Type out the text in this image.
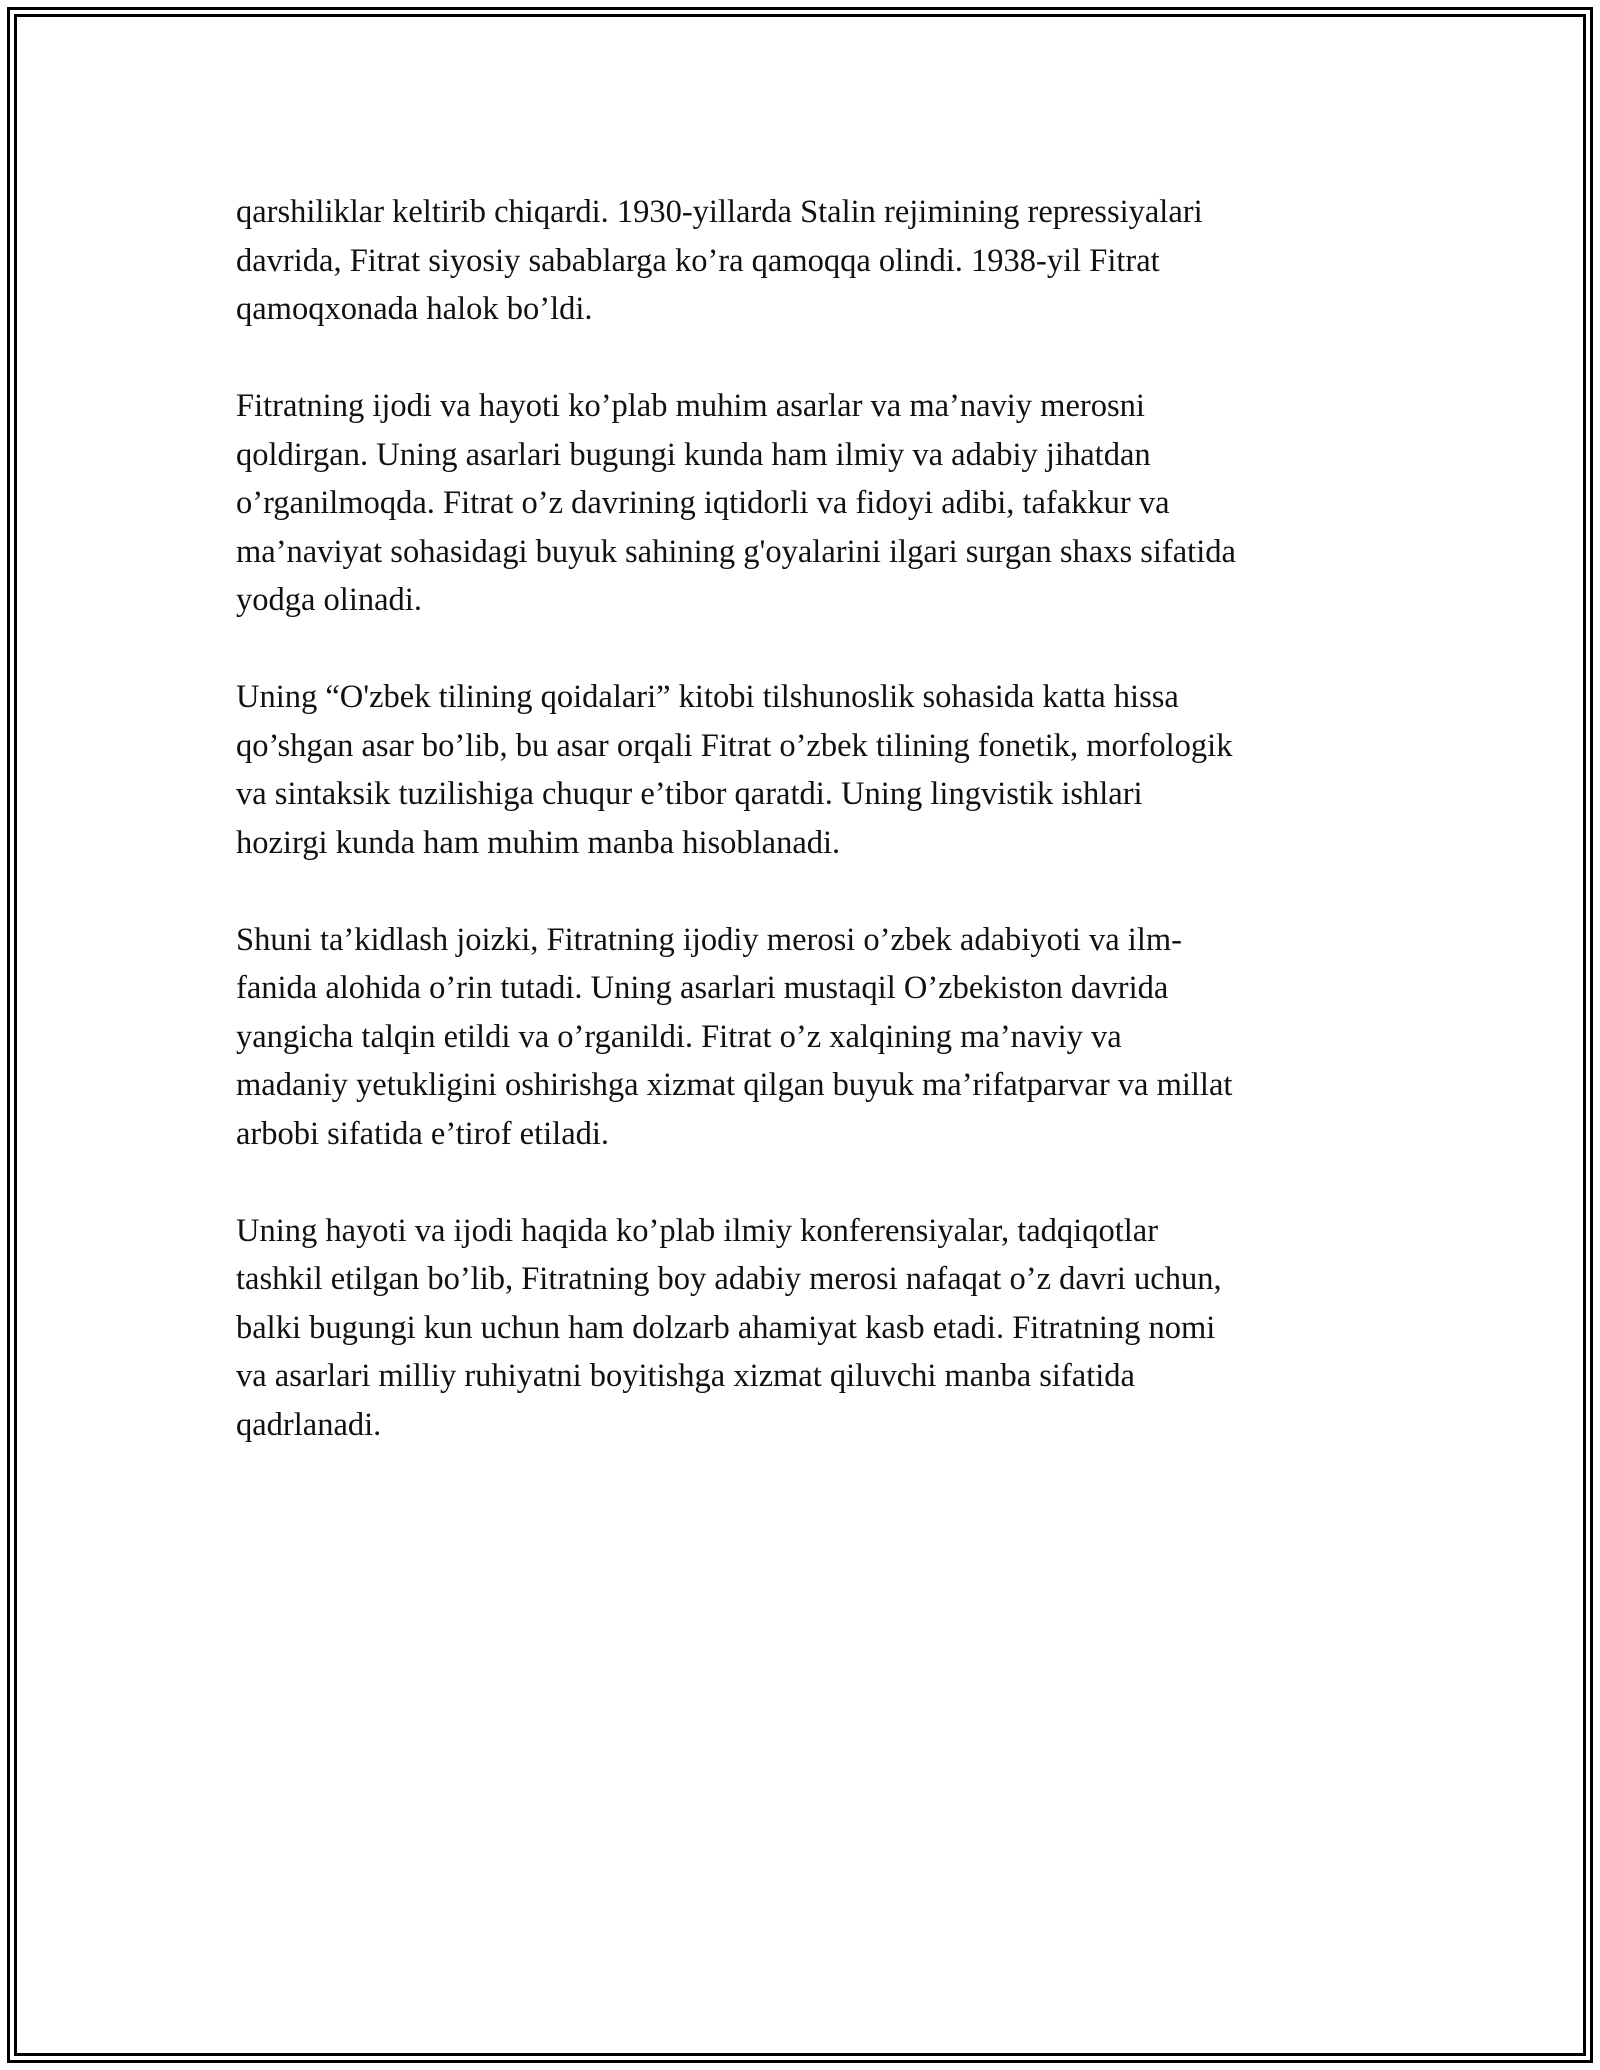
qarshiliklar keltirib chiqardi. 1930-yillarda Stalin rejimining repressiyalari
davrida, Fitrat siyosiy sabablarga ko’ra qamoqqa olindi. 1938-yil Fitrat
qamoqxonada halok bo’ldi.

Fitratning ijodi va hayoti ko’plab muhim asarlar va ma’naviy merosni
qoldirgan. Uning asarlari bugungi kunda ham ilmiy va adabiy jihatdan
o’rganilmoqda. Fitrat o’z davrining iqtidorli va fidoyi adibi, tafakkur va
ma’naviyat sohasidagi buyuk sahining g'oyalarini ilgari surgan shaxs sifatida
yodga olinadi.

Uning “O'zbek tilining qoidalari” kitobi tilshunoslik sohasida katta hissa
qo’shgan asar bo’lib, bu asar orqali Fitrat o’zbek tilining fonetik, morfologik
va sintaksik tuzilishiga chuqur e’tibor qaratdi. Uning lingvistik ishlari
hozirgi kunda ham muhim manba hisoblanadi.

Shuni ta’kidlash joizki, Fitratning ijodiy merosi o’zbek adabiyoti va ilm-
fanida alohida o’rin tutadi. Uning asarlari mustaqil O’zbekiston davrida
yangicha talqin etildi va o’rganildi. Fitrat o’z xalqining ma’naviy va
madaniy yetukligini oshirishga xizmat qilgan buyuk ma’rifatparvar va millat
arbobi sifatida e’tirof etiladi.

Uning hayoti va ijodi haqida ko’plab ilmiy konferensiyalar, tadqiqotlar
tashkil etilgan bo’lib, Fitratning boy adabiy merosi nafaqat o’z davri uchun,
balki bugungi kun uchun ham dolzarb ahamiyat kasb etadi. Fitratning nomi
va asarlari milliy ruhiyatni boyitishga xizmat qiluvchi manba sifatida
qadrlanadi.
